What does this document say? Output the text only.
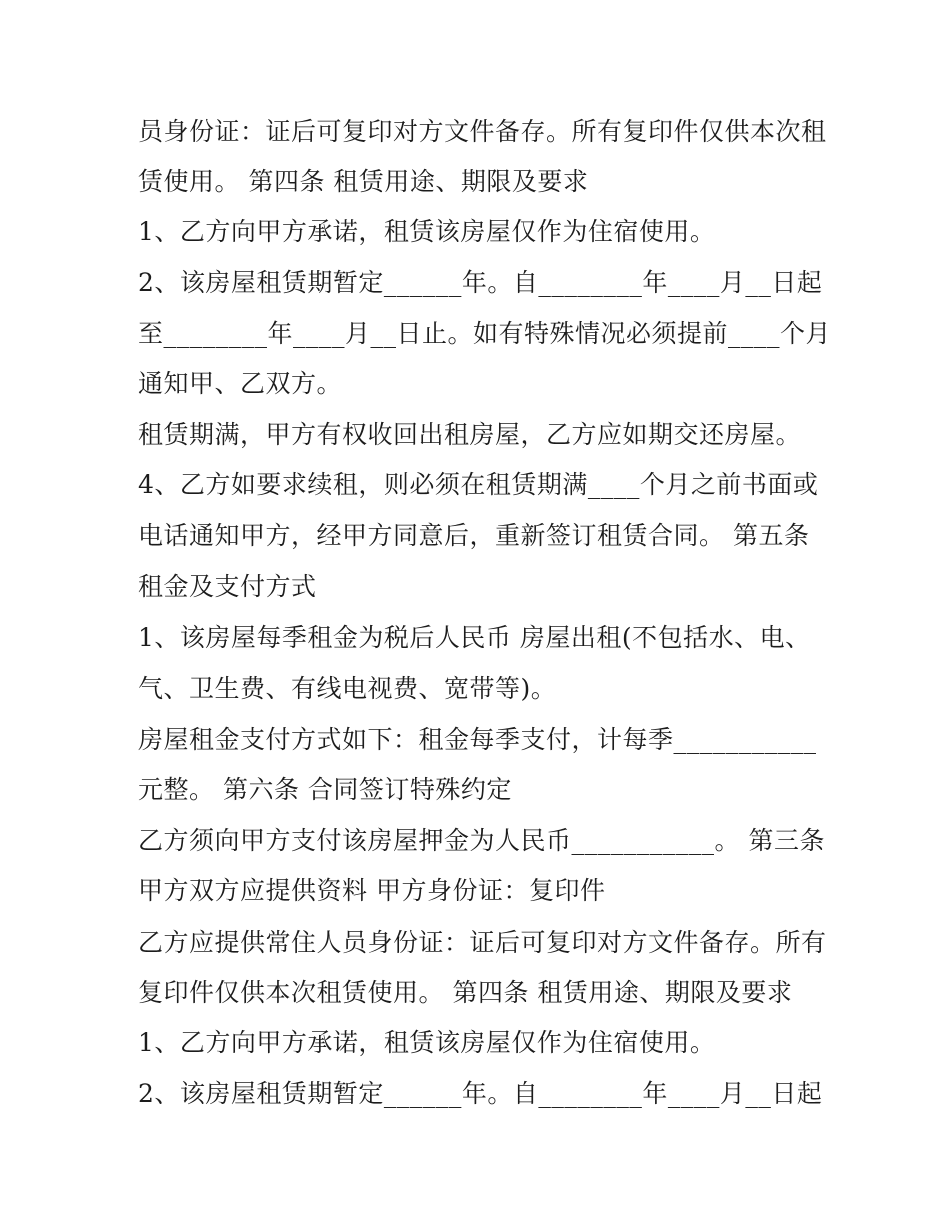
员身份证：证后可复印对方文件备存。所有复印件仅供本次租
赁使用。 第四条 租赁用途、期限及要求
1、乙方向甲方承诺，租赁该房屋仅作为住宿使用。
2、该房屋租赁期暂定______年。自________年____月__日起
至________年____月__日止。如有特殊情况必须提前____个月
通知甲、乙双方。
租赁期满，甲方有权收回出租房屋，乙方应如期交还房屋。
4、乙方如要求续租，则必须在租赁期满____个月之前书面或
电话通知甲方，经甲方同意后，重新签订租赁合同。 第五条
租金及支付方式
1、该房屋每季租金为税后人民币 房屋出租(不包括水、电、
气、卫生费、有线电视费、宽带等)。
房屋租金支付方式如下：租金每季支付，计每季___________
元整。 第六条 合同签订特殊约定
乙方须向甲方支付该房屋押金为人民币___________。 第三条
甲方双方应提供资料 甲方身份证：复印件
乙方应提供常住人员身份证：证后可复印对方文件备存。所有
复印件仅供本次租赁使用。 第四条 租赁用途、期限及要求
1、乙方向甲方承诺，租赁该房屋仅作为住宿使用。
2、该房屋租赁期暂定______年。自________年____月__日起
